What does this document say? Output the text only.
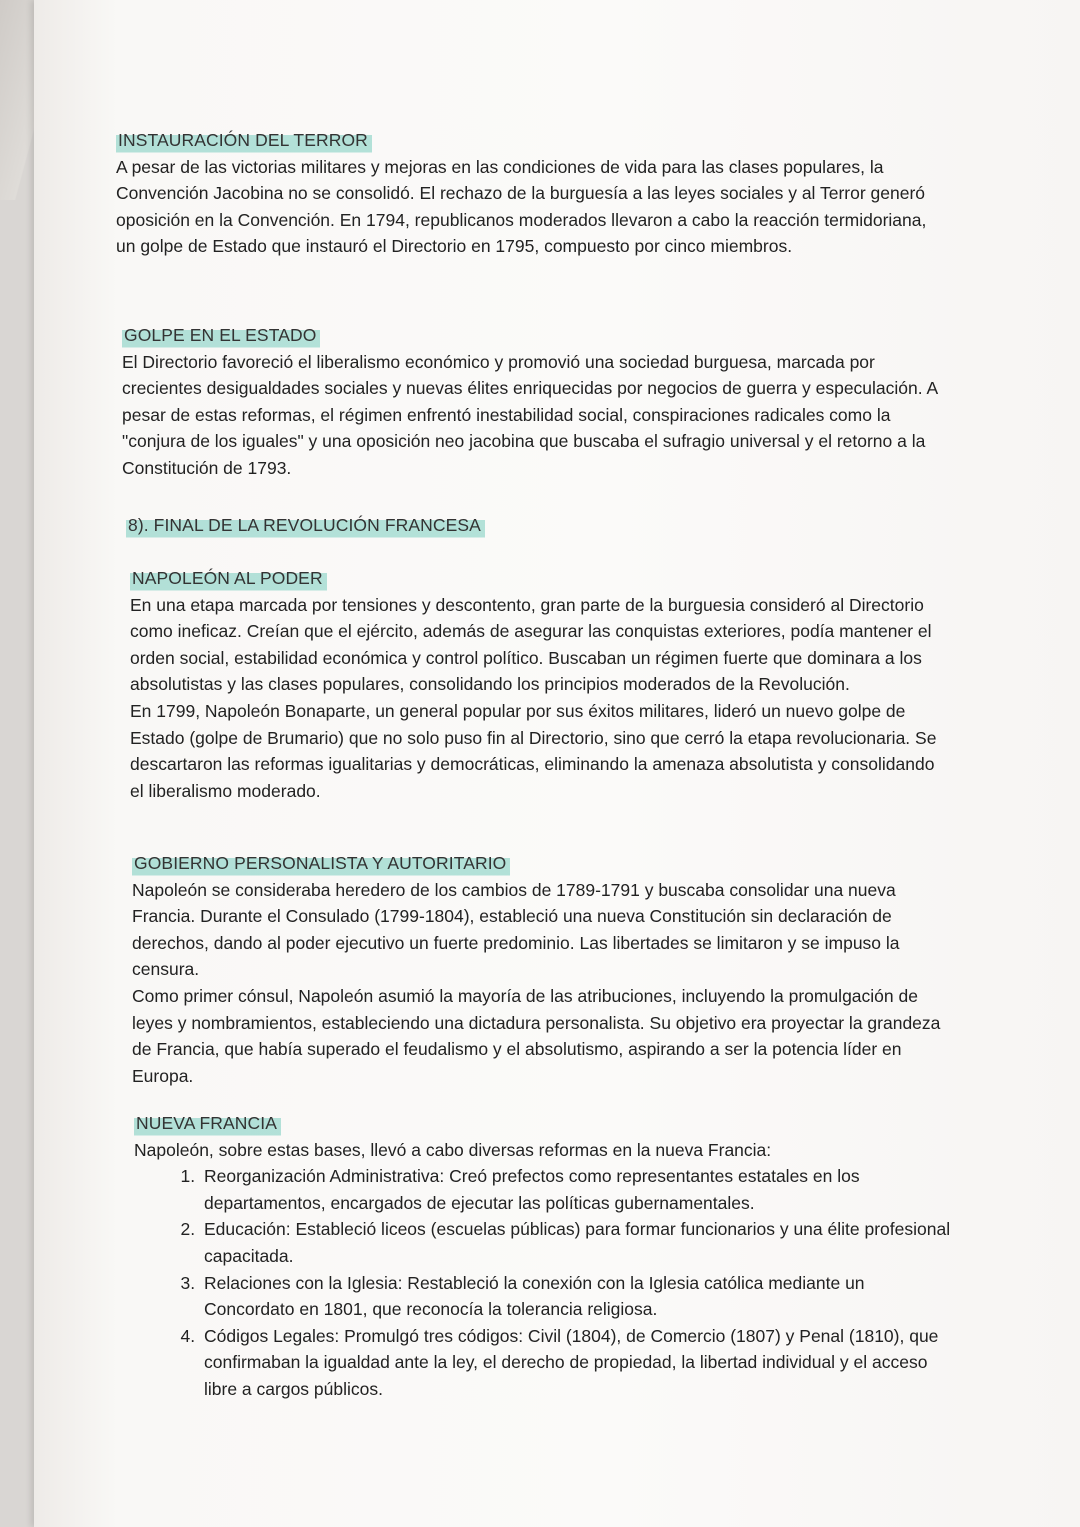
INSTAURACIÓN DEL TERROR

A pesar de las victorias militares y mejoras en las condiciones de vida para las clases populares, la Convención Jacobina no se consolidó. El rechazo de la burguesía a las leyes sociales y al Terror generó oposición en la Convención. En 1794, republicanos moderados llevaron a cabo la reacción termidoriana, un golpe de Estado que instauró el Directorio en 1795, compuesto por cinco miembros.

GOLPE EN EL ESTADO

El Directorio favoreció el liberalismo económico y promovió una sociedad burguesa, marcada por crecientes desigualdades sociales y nuevas élites enriquecidas por negocios de guerra y especulación. A pesar de estas reformas, el régimen enfrentó inestabilidad social, conspiraciones radicales como la "conjura de los iguales" y una oposición neo jacobina que buscaba el sufragio universal y el retorno a la Constitución de 1793.

8). FINAL DE LA REVOLUCIÓN FRANCESA
NAPOLEÓN AL PODER

En una etapa marcada por tensiones y descontento, gran parte de la burguesia consideró al Directorio como ineficaz. Creían que el ejército, además de asegurar las conquistas exteriores, podía mantener el orden social, estabilidad económica y control político. Buscaban un régimen fuerte que dominara a los absolutistas y las clases populares, consolidando los principios moderados de la Revolución.

En 1799, Napoleón Bonaparte, un general popular por sus éxitos militares, lideró un nuevo golpe de Estado (golpe de Brumario) que no solo puso fin al Directorio, sino que cerró la etapa revolucionaria. Se descartaron las reformas igualitarias y democráticas, eliminando la amenaza absolutista y consolidando el liberalismo moderado.

GOBIERNO PERSONALISTA Y AUTORITARIO

Napoleón se consideraba heredero de los cambios de 1789-1791 y buscaba consolidar una nueva Francia. Durante el Consulado (1799-1804), estableció una nueva Constitución sin declaración de derechos, dando al poder ejecutivo un fuerte predominio. Las libertades se limitaron y se impuso la censura.

Como primer cónsul, Napoleón asumió la mayoría de las atribuciones, incluyendo la promulgación de leyes y nombramientos, estableciendo una dictadura personalista. Su objetivo era proyectar la grandeza de Francia, que había superado el feudalismo y el absolutismo, aspirando a ser la potencia líder en Europa.

NUEVA FRANCIA

Napoleón, sobre estas bases, llevó a cabo diversas reformas en la nueva Francia:

1. Reorganización Administrativa: Creó prefectos como representantes estatales en los departamentos, encargados de ejecutar las políticas gubernamentales.
2. Educación: Estableció liceos (escuelas públicas) para formar funcionarios y una élite profesional capacitada.
3. Relaciones con la Iglesia: Restableció la conexión con la Iglesia católica mediante un Concordato en 1801, que reconocía la tolerancia religiosa.
4. Códigos Legales: Promulgó tres códigos: Civil (1804), de Comercio (1807) y Penal (1810), que confirmaban la igualdad ante la ley, el derecho de propiedad, la libertad individual y el acceso libre a cargos públicos.
